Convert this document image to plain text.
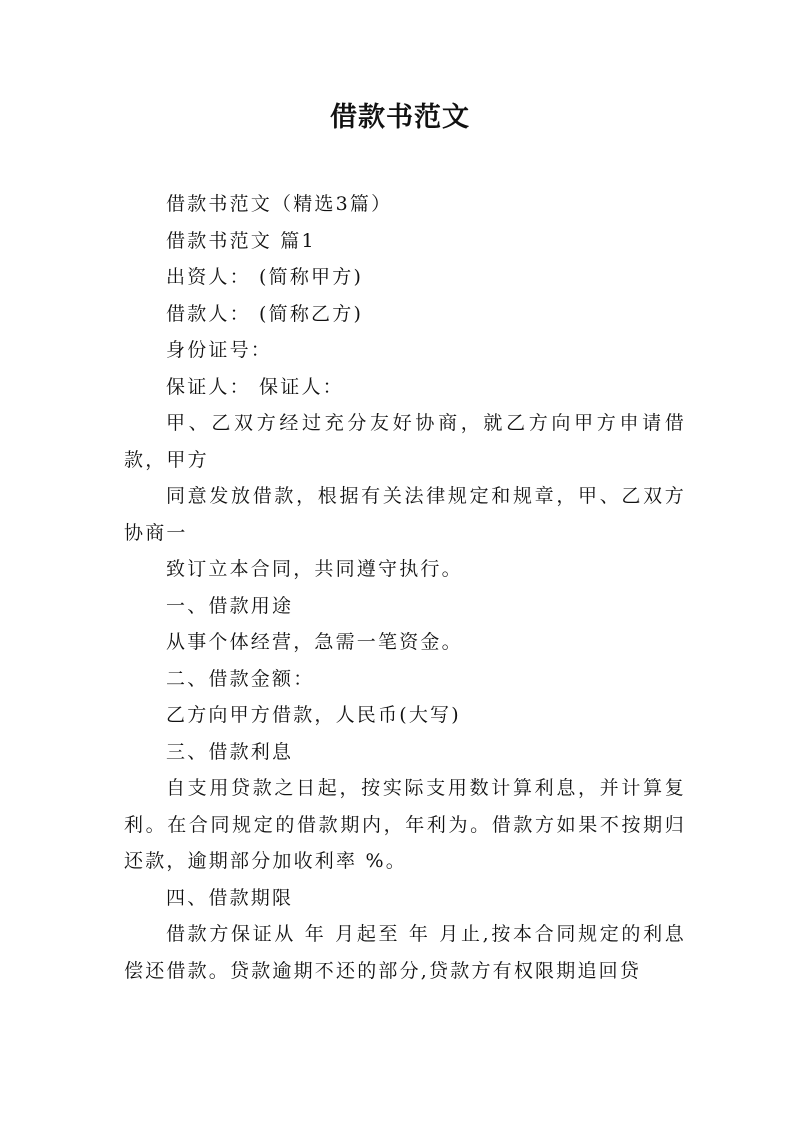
借款书范文

借款书范文（精选3篇）

借款书范文 篇1

出资人： (简称甲方)

借款人： (简称乙方)

身份证号：

保证人： 保证人：

甲、乙双方经过充分友好协商，就乙方向甲方申请借款，甲方

同意发放借款，根据有关法律规定和规章，甲、乙双方协商一

致订立本合同，共同遵守执行。

一、借款用途

从事个体经营，急需一笔资金。

二、借款金额：

乙方向甲方借款，人民币(大写)

三、借款利息

自支用贷款之日起，按实际支用数计算利息，并计算复利。在合同规定的借款期内，年利为。借款方如果不按期归还款，逾期部分加收利率 %。

四、借款期限

借款方保证从 年 月起至 年 月止,按本合同规定的利息偿还借款。贷款逾期不还的部分,贷款方有权限期追回贷
